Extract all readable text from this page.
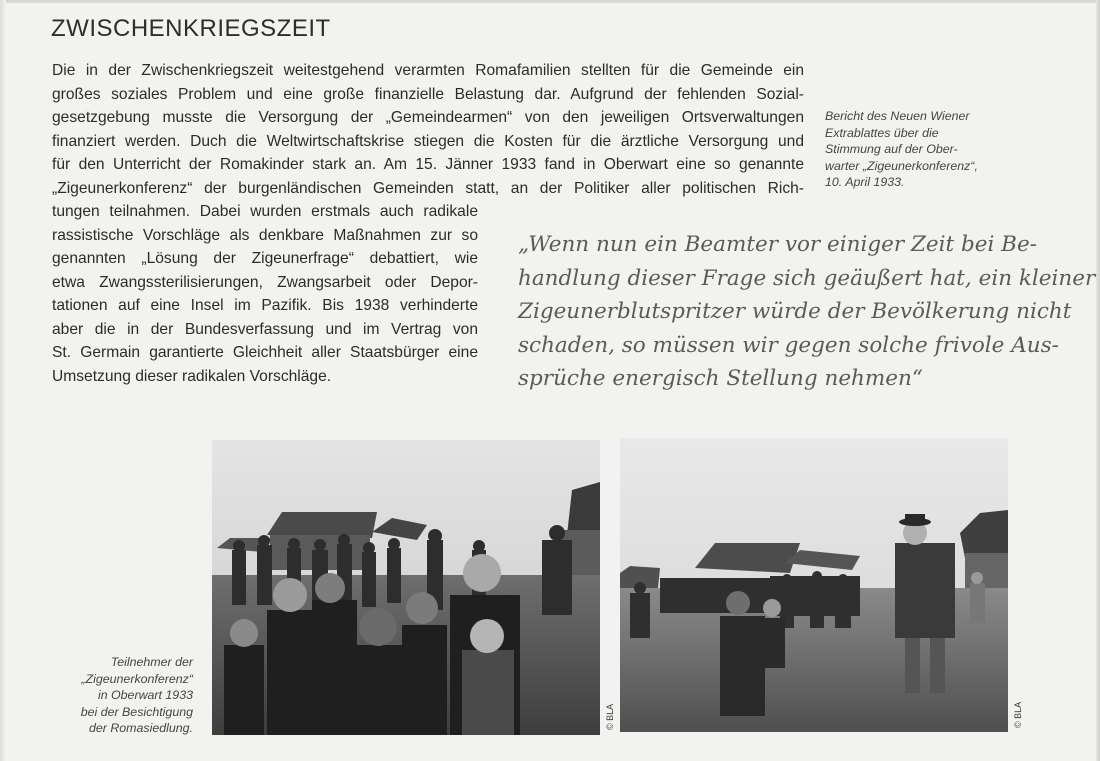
ZWISCHENKRIEGSZEIT
Die in der Zwischenkriegszeit weitestgehend verarmten Romafamilien stellten für die Gemeinde ein
großes soziales Problem und eine große finanzielle Belastung dar. Aufgrund der fehlenden Sozial-
gesetzgebung musste die Versorgung der „Gemeindearmen“ von den jeweiligen Ortsverwaltungen
finanziert werden. Duch die Weltwirtschaftskrise stiegen die Kosten für die ärztliche Versorgung und
für den Unterricht der Romakinder stark an. Am 15. Jänner 1933 fand in Oberwart eine so genannte
„Zigeunerkonferenz“ der burgenländischen Gemeinden statt, an der Politiker aller politischen Rich-
tungen teilnahmen. Dabei wurden erstmals auch radikale
rassistische Vorschläge als denkbare Maßnahmen zur so
genannten „Lösung der Zigeunerfrage“ debattiert, wie
etwa Zwangssterilisierungen, Zwangsarbeit oder Depor-
tationen auf eine Insel im Pazifik. Bis 1938 verhinderte
aber die in der Bundesverfassung und im Vertrag von
St. Germain garantierte Gleichheit aller Staatsbürger eine
Umsetzung dieser radikalen Vorschläge.
Bericht des Neuen Wiener
Extrablattes über die
Stimmung auf der Ober-
warter „Zigeunerkonferenz“,
10. April 1933.
„Wenn nun ein Beamter vor einiger Zeit bei Be-
handlung dieser Frage sich geäußert hat, ein kleiner
Zigeunerblutspritzer würde der Bevölkerung nicht
schaden, so müssen wir gegen solche frivole Aus-
sprüche energisch Stellung nehmen“
© BLA	© BLA
Teilnehmer der
„Zigeunerkonferenz“
in Oberwart 1933
bei der Besichtigung
der Romasiedlung.
